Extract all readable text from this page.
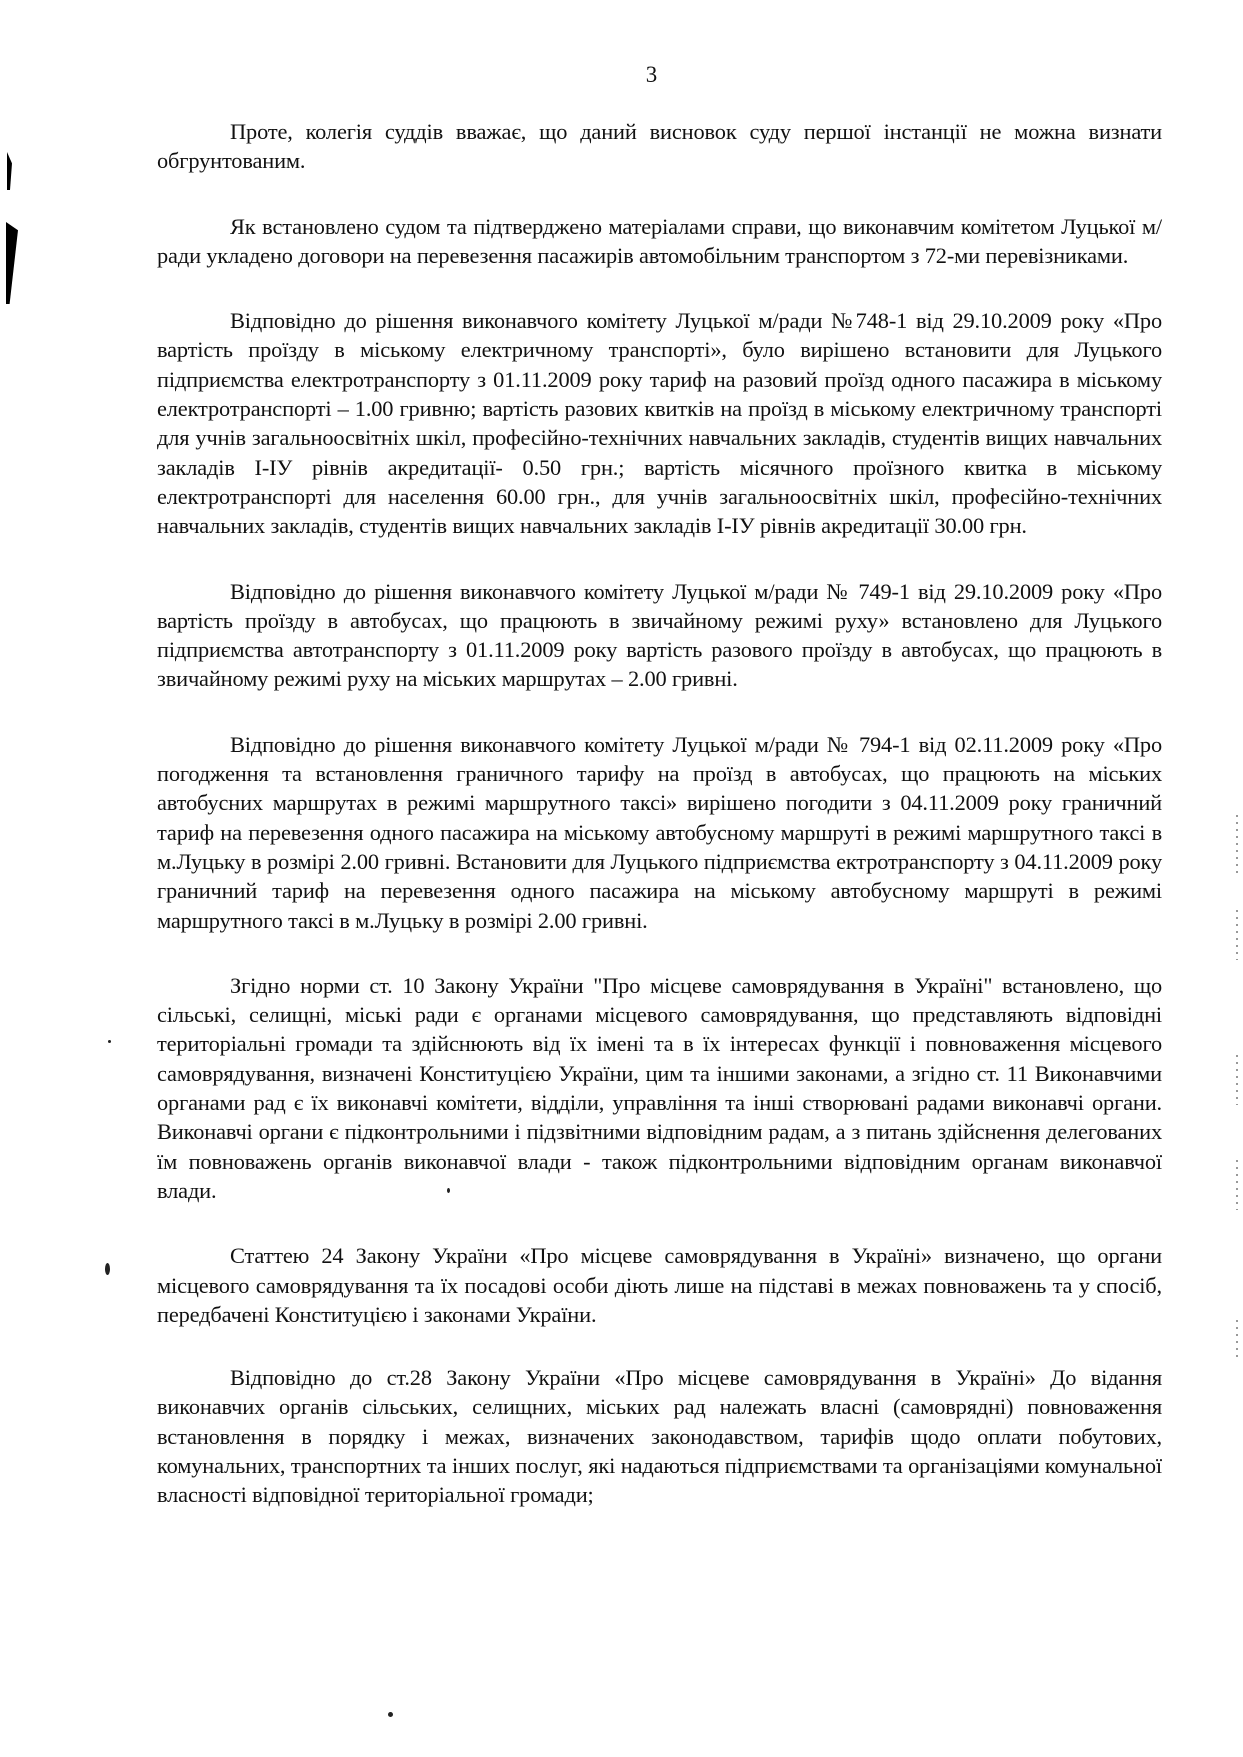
3

Проте, колегія суддів вважає, що даний висновок суду першої інстанції не можна визнати обгрунтованим.

Як встановлено судом та підтверджено матеріалами справи, що виконавчим комітетом Луцької м/ради укладено договори на перевезення пасажирів автомобільним транспортом з 72-ми перевізниками.

Відповідно до рішення виконавчого комітету Луцької м/ради №748-1 від 29.10.2009 року «Про вартість проїзду в міському електричному транспорті», було вирішено встановити для Луцького підприємства електротранспорту з 01.11.2009 року тариф на разовий проїзд одного пасажира в міському електротранспорті – 1.00 гривню; вартість разових квитків на проїзд в міському електричному транспорті для учнів загальноосвітніх шкіл, професійно-технічних навчальних закладів, студентів вищих навчальних закладів І-ІУ рівнів акредитації- 0.50 грн.; вартість місячного проїзного квитка в міському електротранспорті для населення 60.00 грн., для учнів загальноосвітніх шкіл, професійно-технічних навчальних закладів, студентів вищих навчальних закладів І-ІУ рівнів акредитації 30.00 грн.

Відповідно до рішення виконавчого комітету Луцької м/ради № 749-1 від 29.10.2009 року «Про вартість проїзду в автобусах, що працюють в звичайному режимі руху» встановлено для Луцького підприємства автотранспорту з 01.11.2009 року вартість разового проїзду в автобусах, що працюють в звичайному режимі руху на міських маршрутах – 2.00 гривні.

Відповідно до рішення виконавчого комітету Луцької м/ради № 794-1 від 02.11.2009 року «Про погодження та встановлення граничного тарифу на проїзд в автобусах, що працюють на міських автобусних маршрутах в режимі маршрутного таксі» вирішено погодити з 04.11.2009 року граничний тариф на перевезення одного пасажира на міському автобусному маршруті в режимі маршрутного таксі в м.Луцьку в розмірі 2.00 гривні. Встановити для Луцького підприємства ектротранспорту з 04.11.2009 року граничний тариф на перевезення одного пасажира на міському автобусному маршруті в режимі маршрутного таксі в м.Луцьку в розмірі 2.00 гривні.

Згідно норми ст. 10 Закону України "Про місцеве самоврядування в Україні" встановлено, що сільські, селищні, міські ради є органами місцевого самоврядування, що представляють відповідні територіальні громади та здійснюють від їх імені та в їх інтересах функції і повноваження місцевого самоврядування, визначені Конституцією України, цим та іншими законами, а згідно ст. 11 Виконавчими органами рад є їх виконавчі комітети, відділи, управління та інші створювані радами виконавчі органи. Виконавчі органи є підконтрольними і підзвітними відповідним радам, а з питань здійснення делегованих їм повноважень органів виконавчої влади - також підконтрольними відповідним органам виконавчої влади.

Статтею 24 Закону України «Про місцеве самоврядування в Україні» визначено, що органи місцевого самоврядування та їх посадові особи діють лише на підставі в межах повноважень та у спосіб, передбачені Конституцією і законами України.

Відповідно до ст.28 Закону України «Про місцеве самоврядування в Україні» До відання виконавчих органів сільських, селищних, міських рад належать власні (самоврядні) повноваження встановлення в порядку і межах, визначених законодавством, тарифів щодо оплати побутових, комунальних, транспортних та інших послуг, які надаються підприємствами та організаціями комунальної власності відповідної територіальної громади;
